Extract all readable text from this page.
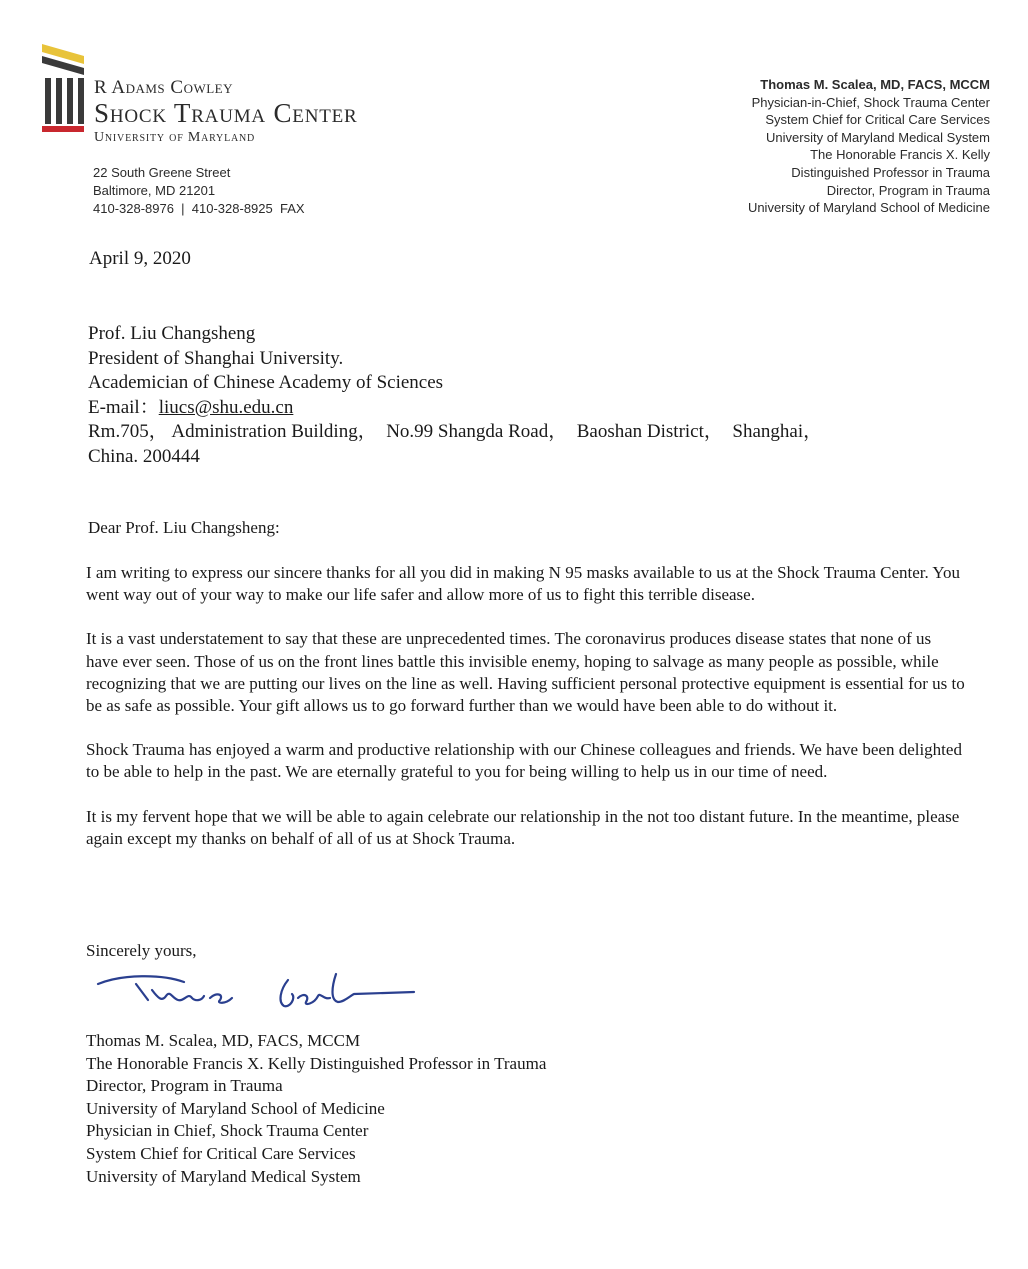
R Adams Cowley
Shock Trauma Center
University of Maryland
22 South Greene Street
Baltimore, MD 21201
410-328-8976  |  410-328-8925  FAX
Thomas M. Scalea, MD, FACS, MCCM
Physician-in-Chief, Shock Trauma Center
System Chief for Critical Care Services
University of Maryland Medical System
The Honorable Francis X. Kelly
Distinguished Professor in Trauma
Director, Program in Trauma
University of Maryland School of Medicine
April 9, 2020
Prof. Liu Changsheng
President of Shanghai University.
Academician of Chinese Academy of Sciences
E-mail：liucs@shu.edu.cn
Rm.705， Administration Building，  No.99 Shangda Road，  Baoshan District，  Shanghai，
China. 200444
Dear Prof. Liu Changsheng:

I am writing to express our sincere thanks for all you did in making N 95 masks available to us at the Shock Trauma Center. You went way out of your way to make our life safer and allow more of us to fight this terrible disease.

It is a vast understatement to say that these are unprecedented times. The coronavirus produces disease states that none of us have ever seen. Those of us on the front lines battle this invisible enemy, hoping to salvage as many people as possible, while recognizing that we are putting our lives on the line as well. Having sufficient personal protective equipment is essential for us to be as safe as possible. Your gift allows us to go forward further than we would have been able to do without it.

Shock Trauma has enjoyed a warm and productive relationship with our Chinese colleagues and friends. We have been delighted to be able to help in the past. We are eternally grateful to you for being willing to help us in our time of need.

It is my fervent hope that we will be able to again celebrate our relationship in the not too distant future. In the meantime, please again except my thanks on behalf of all of us at Shock Trauma.

Sincerely yours,
Thomas M. Scalea, MD, FACS, MCCM
The Honorable Francis X. Kelly Distinguished Professor in Trauma
Director, Program in Trauma
University of Maryland School of Medicine
Physician in Chief, Shock Trauma Center
System Chief for Critical Care Services
University of Maryland Medical System
